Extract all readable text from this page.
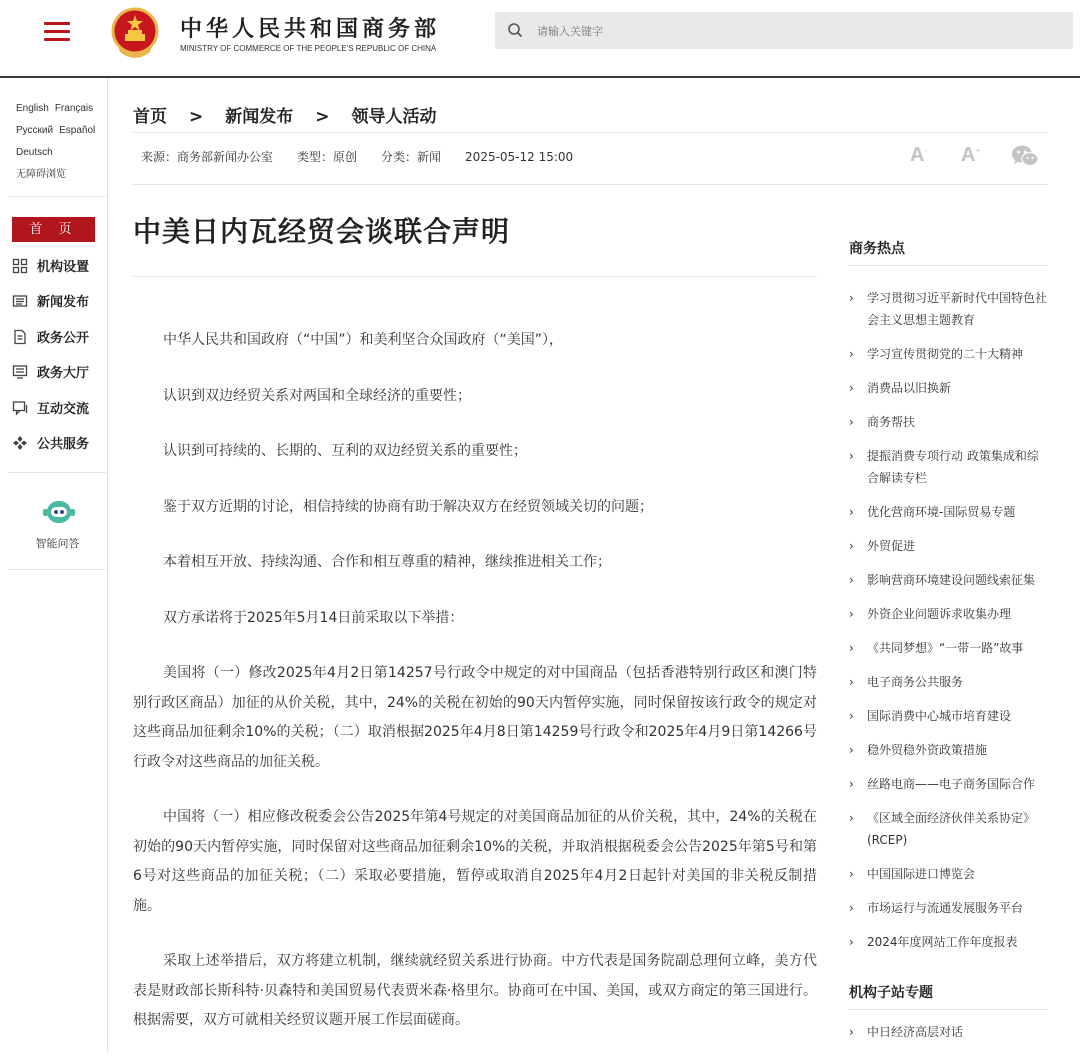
中华人民共和国商务部
MINISTRY OF COMMERCE OF THE PEOPLE'S REPUBLIC OF CHINA
请输入关键字
English Français
Русский Español
Deutsch
无障碍浏览
首 页
机构设置
新闻发布
政务公开
政务大厅
互动交流
公共服务
智能问答
首页 > 新闻发布 > 领导人活动
来源：商务部新闻办公室 类型：原创 分类：新闻 2025-05-12 15:00	A- A+
中美日内瓦经贸会谈联合声明

中华人民共和国政府（“中国”）和美利坚合众国政府（“美国”），

认识到双边经贸关系对两国和全球经济的重要性；

认识到可持续的、长期的、互利的双边经贸关系的重要性；

鉴于双方近期的讨论，相信持续的协商有助于解决双方在经贸领域关切的问题；

本着相互开放、持续沟通、合作和相互尊重的精神，继续推进相关工作；

双方承诺将于2025年5月14日前采取以下举措：

美国将（一）修改2025年4月2日第14257号行政令中规定的对中国商品（包括香港特别行政区和澳门特别行政区商品）加征的从价关税，其中，24%的关税在初始的90天内暂停实施，同时保留按该行政令的规定对这些商品加征剩余10%的关税；（二）取消根据2025年4月8日第14259号行政令和2025年4月9日第14266号行政令对这些商品的加征关税。

中国将（一）相应修改税委会公告2025年第4号规定的对美国商品加征的从价关税，其中，24%的关税在初始的90天内暂停实施，同时保留对这些商品加征剩余10%的关税，并取消根据税委会公告2025年第5号和第6号对这些商品的加征关税；（二）采取必要措施，暂停或取消自2025年4月2日起针对美国的非关税反制措施。

采取上述举措后，双方将建立机制，继续就经贸关系进行协商。中方代表是国务院副总理何立峰，美方代表是财政部长斯科特·贝森特和美国贸易代表贾米森·格里尔。协商可在中国、美国，或双方商定的第三国进行。根据需要，双方可就相关经贸议题开展工作层面磋商。

商务热点
› 学习贯彻习近平新时代中国特色社会主义思想主题教育
› 学习宣传贯彻党的二十大精神
› 消费品以旧换新
› 商务帮扶
› 提振消费专项行动 政策集成和综合解读专栏
› 优化营商环境-国际贸易专题
› 外贸促进
› 影响营商环境建设问题线索征集
› 外资企业问题诉求收集办理
› 《共同梦想》“一带一路”故事
› 电子商务公共服务
› 国际消费中心城市培育建设
› 稳外贸稳外资政策措施
› 丝路电商——电子商务国际合作
› 《区域全面经济伙伴关系协定》(RCEP)
› 中国国际进口博览会
› 市场运行与流通发展服务平台
› 2024年度网站工作年度报表
机构子站专题
› 中日经济高层对话
